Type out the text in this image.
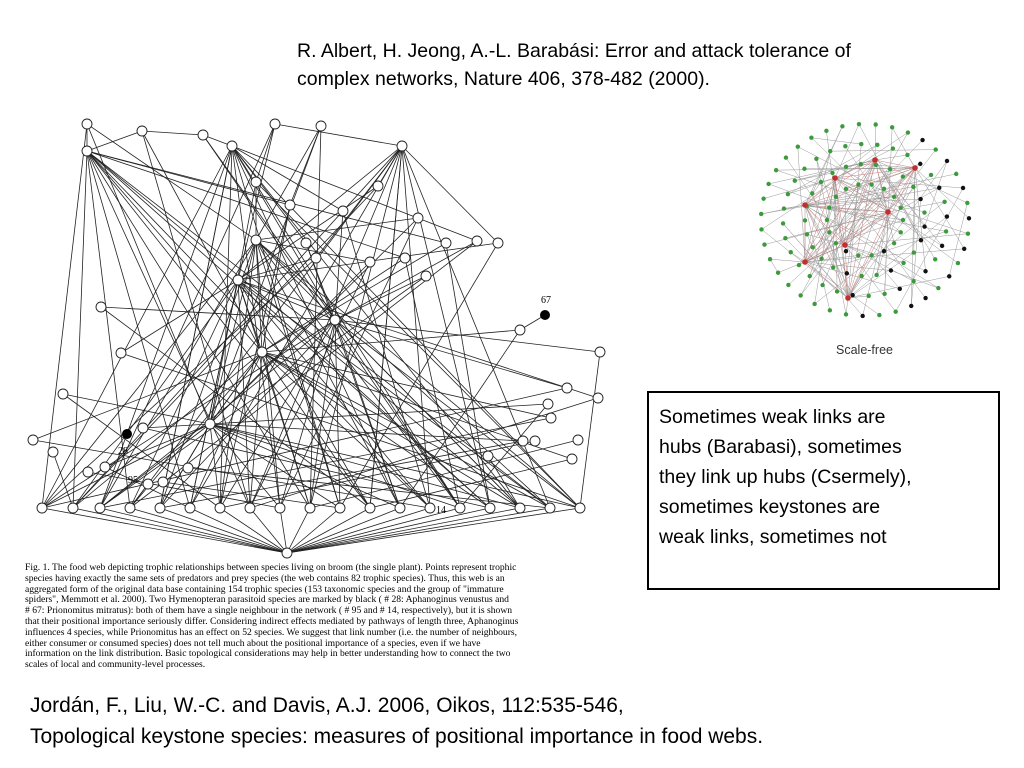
R. Albert, H. Jeong, A.-L. Barabási: Error and attack tolerance of
complex networks, Nature 406, 378-482 (2000).
67
28
95
14
Fig. 1. The food web depicting trophic relationships between species living on broom (the single plant). Points represent trophic
species having exactly the same sets of predators and prey species (the web contains 82 trophic species). Thus, this web is an
aggregated form of the original data base containing 154 trophic species (153 taxonomic species and the group of "immature
spiders", Memmott et al. 2000). Two Hymenopteran parasitoid species are marked by black ( # 28: Aphanoginus venustus and
# 67: Prionomitus mitratus): both of them have a single neighbour in the network ( # 95 and # 14, respectively), but it is shown
that their positional importance seriously differ. Considering indirect effects mediated by pathways of length three, Aphanoginus
influences 4 species, while Prionomitus has an effect on 52 species. We suggest that link number (i.e. the number of neighbours,
either consumer or consumed species) does not tell much about the positional importance of a species, even if we have
information on the link distribution. Basic topological considerations may help in better understanding how to connect the two
scales of local and community-level processes.
Scale-free
Sometimes weak links are
hubs (Barabasi), sometimes
they link up hubs (Csermely),
sometimes keystones are
weak links, sometimes not
Jordán, F., Liu, W.-C. and Davis, A.J. 2006, Oikos, 112:535-546,
Topological keystone species: measures of positional importance in food webs.
